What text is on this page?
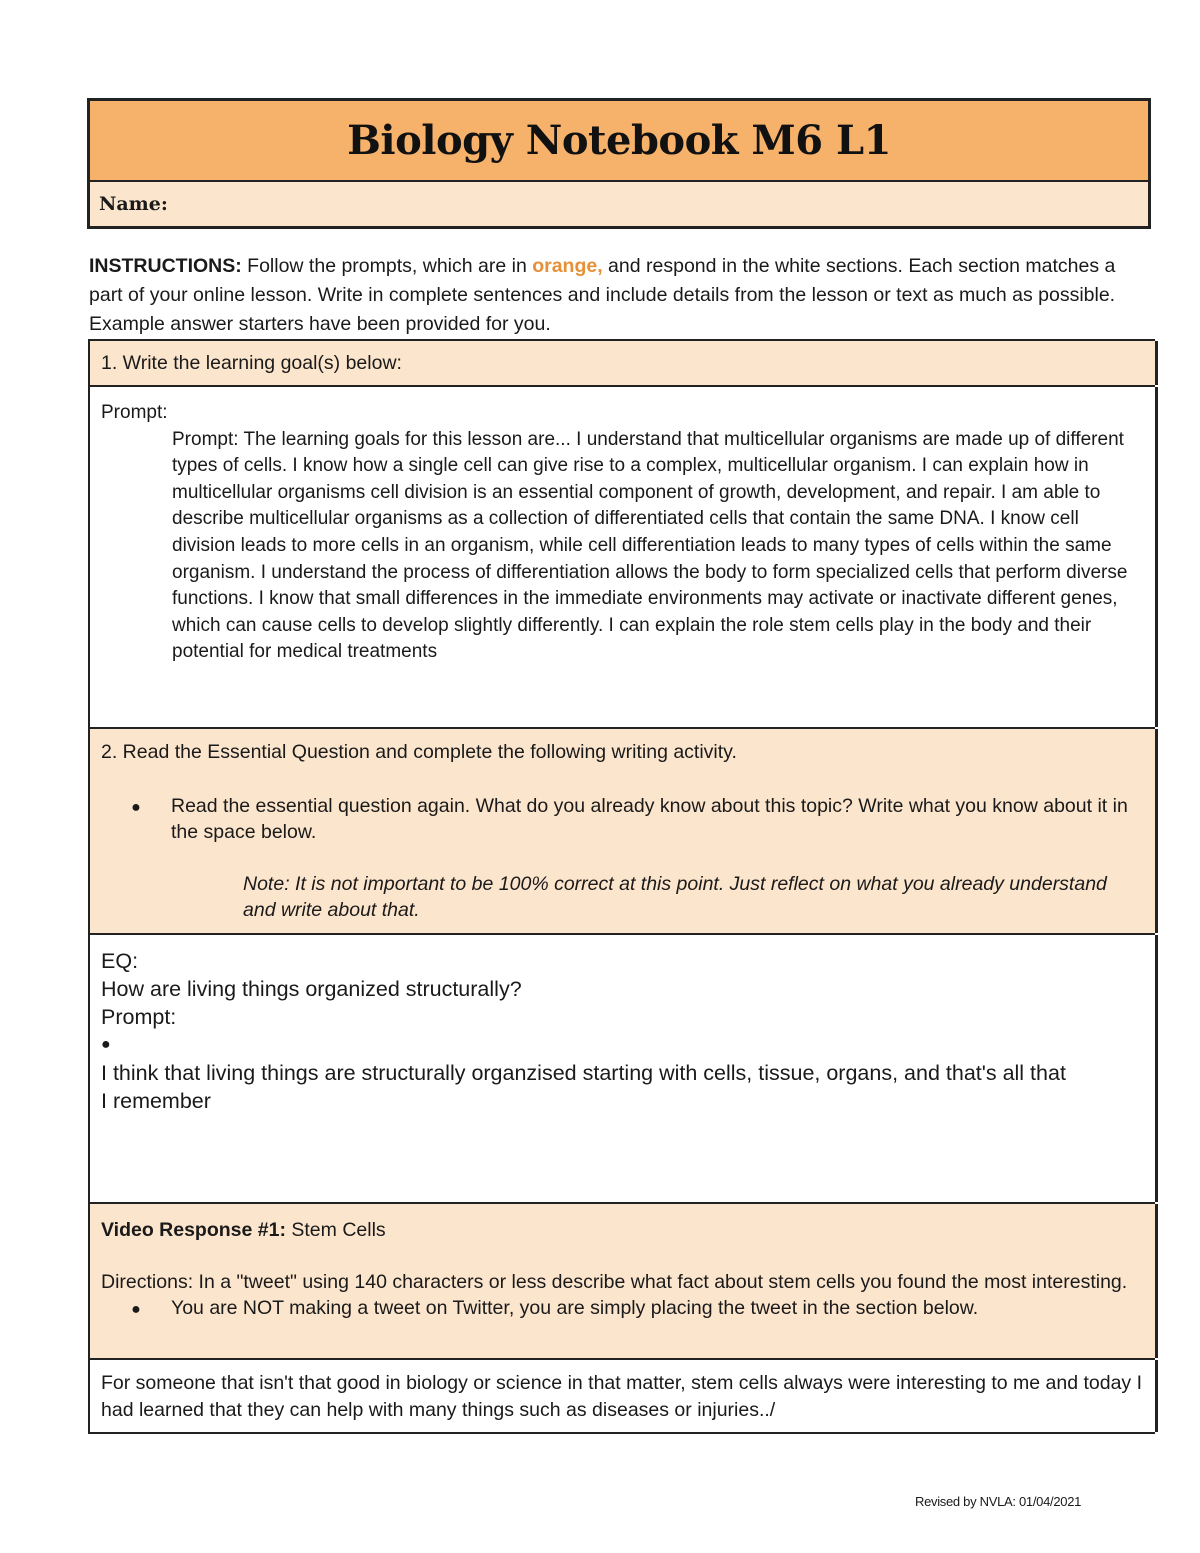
Biology Notebook M6 L1
Name:
INSTRUCTIONS: Follow the prompts, which are in orange, and respond in the white sections. Each section matches a part of your online lesson. Write in complete sentences and include details from the lesson or text as much as possible. Example answer starters have been provided for you.
1. Write the learning goal(s) below:
Prompt:
Prompt: The learning goals for this lesson are... I understand that multicellular organisms are made up of different types of cells. I know how a single cell can give rise to a complex, multicellular organism. I can explain how in multicellular organisms cell division is an essential component of growth, development, and repair. I am able to describe multicellular organisms as a collection of differentiated cells that contain the same DNA. I know cell division leads to more cells in an organism, while cell differentiation leads to many types of cells within the same organism. I understand the process of differentiation allows the body to form specialized cells that perform diverse functions. I know that small differences in the immediate environments may activate or inactivate different genes, which can cause cells to develop slightly differently. I can explain the role stem cells play in the body and their potential for medical treatments
2. Read the Essential Question and complete the following writing activity.
●	Read the essential question again. What do you already know about this topic? Write what you know about it in the space below.
Note: It is not important to be 100% correct at this point. Just reflect on what you already understand and write about that.
EQ:
How are living things organized structurally?
Prompt:
●
I think that living things are structurally organzised starting with cells, tissue, organs, and that's all that
I remember
Video Response #1: Stem Cells
Directions: In a "tweet" using 140 characters or less describe what fact about stem cells you found the most interesting.
●	You are NOT making a tweet on Twitter, you are simply placing the tweet in the section below.
For someone that isn't that good in biology or science in that matter, stem cells always were interesting to me and today I had learned that they can help with many things such as diseases or injuries../
Revised by NVLA: 01/04/2021
